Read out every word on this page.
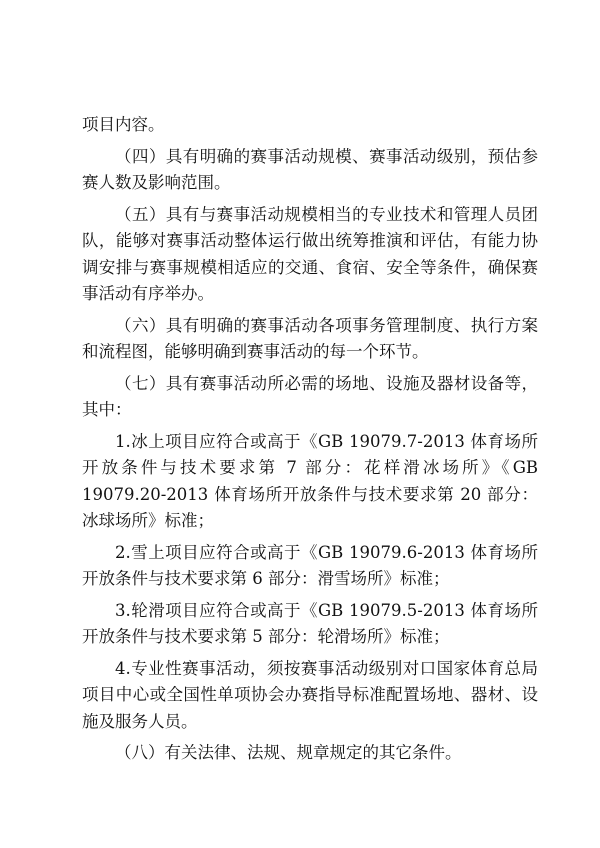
项目内容。

（四）具有明确的赛事活动规模、赛事活动级别，预估参赛人数及影响范围。

（五）具有与赛事活动规模相当的专业技术和管理人员团队，能够对赛事活动整体运行做出统筹推演和评估，有能力协调安排与赛事规模相适应的交通、食宿、安全等条件，确保赛事活动有序举办。

（六）具有明确的赛事活动各项事务管理制度、执行方案和流程图，能够明确到赛事活动的每一个环节。

（七）具有赛事活动所必需的场地、设施及器材设备等，其中：

1.冰上项目应符合或高于《GB 19079.7-2013 体育场所开放条件与技术要求第 7 部分：花样滑冰场所》《GB 19079.20-2013 体育场所开放条件与技术要求第 20 部分：冰球场所》标准；

2.雪上项目应符合或高于《GB 19079.6-2013 体育场所开放条件与技术要求第 6 部分：滑雪场所》标准；

3.轮滑项目应符合或高于《GB 19079.5-2013 体育场所开放条件与技术要求第 5 部分：轮滑场所》标准；

4.专业性赛事活动，须按赛事活动级别对口国家体育总局项目中心或全国性单项协会办赛指导标准配置场地、器材、设施及服务人员。

（八）有关法律、法规、规章规定的其它条件。
